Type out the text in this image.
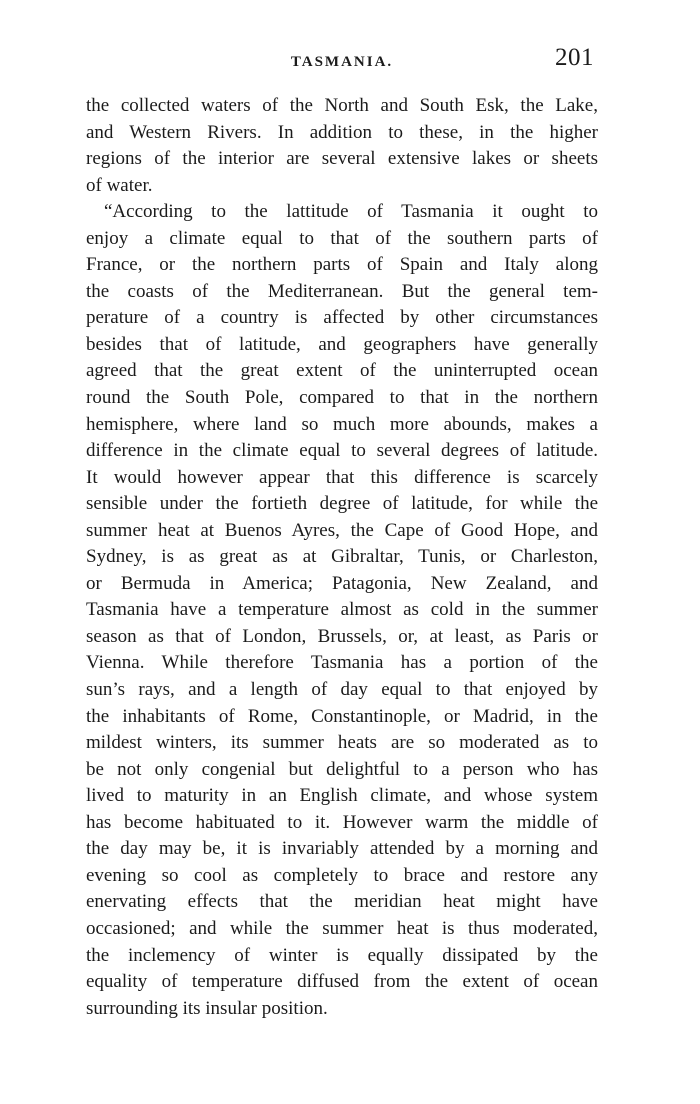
TASMANIA.	201
the collected waters of the North and South Esk, the Lake,
and Western Rivers. In addition to these, in the higher
regions of the interior are several extensive lakes or sheets
of water.
“According to the lattitude of Tasmania it ought to
enjoy a climate equal to that of the southern parts of
France, or the northern parts of Spain and Italy along
the coasts of the Mediterranean. But the general tem-
perature of a country is affected by other circumstances
besides that of latitude, and geographers have generally
agreed that the great extent of the uninterrupted ocean
round the South Pole, compared to that in the northern
hemisphere, where land so much more abounds, makes a
difference in the climate equal to several degrees of latitude.
It would however appear that this difference is scarcely
sensible under the fortieth degree of latitude, for while the
summer heat at Buenos Ayres, the Cape of Good Hope, and
Sydney, is as great as at Gibraltar, Tunis, or Charleston,
or Bermuda in America; Patagonia, New Zealand, and
Tasmania have a temperature almost as cold in the summer
season as that of London, Brussels, or, at least, as Paris or
Vienna. While therefore Tasmania has a portion of the
sun’s rays, and a length of day equal to that enjoyed by
the inhabitants of Rome, Constantinople, or Madrid, in the
mildest winters, its summer heats are so moderated as to
be not only congenial but delightful to a person who has
lived to maturity in an English climate, and whose system
has become habituated to it. However warm the middle of
the day may be, it is invariably attended by a morning and
evening so cool as completely to brace and restore any
enervating effects that the meridian heat might have
occasioned; and while the summer heat is thus moderated,
the inclemency of winter is equally dissipated by the
equality of temperature diffused from the extent of ocean
surrounding its insular position.
